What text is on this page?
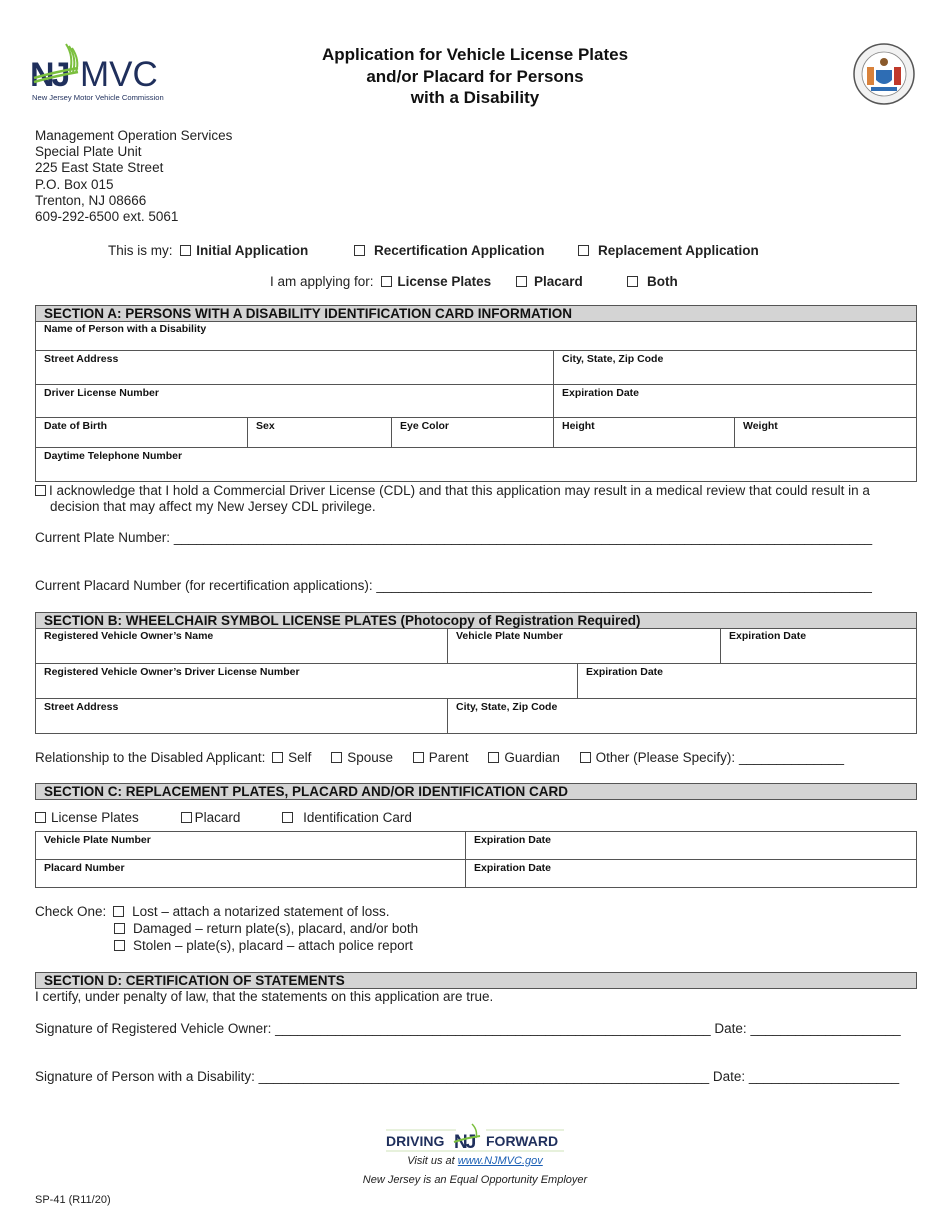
NJ MVC
New Jersey Motor Vehicle Commission
Application for Vehicle License Plates
and/or Placard for Persons
with a Disability
Management Operation Services
Special Plate Unit
225 East State Street
P.O. Box 015
Trenton, NJ 08666
609-292-6500 ext. 5061
This is my: Initial Application	Recertification Application	Replacement Application
I am applying for: License Plates	Placard	Both
SECTION A: PERSONS WITH A DISABILITY IDENTIFICATION CARD INFORMATION
Name of Person with a Disability				
Street Address			City, State, Zip Code	
Driver License Number			Expiration Date	
Date of Birth	Sex	Eye Color	Height	Weight
Daytime Telephone Number				
I acknowledge that I hold a Commercial Driver License (CDL) and that this application may result in a medical review that could result in a
decision that may affect my New Jersey CDL privilege.
Current Plate Number: _____________________________________________________________________________________________
Current Placard Number (for recertification applications): __________________________________________________________________
SECTION B: WHEELCHAIR SYMBOL LICENSE PLATES (Photocopy of Registration Required)
Registered Vehicle Owner’s Name	Vehicle Plate Number		Expiration Date
Registered Vehicle Owner’s Driver License Number		Expiration Date	
Street Address	City, State, Zip Code		
Relationship to the Disabled Applicant: Self	Spouse	Parent	Guardian	Other (Please Specify): ______________
SECTION C: REPLACEMENT PLATES, PLACARD AND/OR IDENTIFICATION CARD
License Plates	Placard	Identification Card
Vehicle Plate Number	Expiration Date
Placard Number	Expiration Date
Check One: Lost – attach a notarized statement of loss.
Damaged – return plate(s), placard, and/or both
Stolen – plate(s), placard – attach police report
SECTION D: CERTIFICATION OF STATEMENTS
I certify, under penalty of law, that the statements on this application are true.
Signature of Registered Vehicle Owner: __________________________________________________________ Date: ____________________
Signature of Person with a Disability: ____________________________________________________________ Date: ____________________
DRIVING NJ FORWARD
Visit us at www.NJMVC.gov
New Jersey is an Equal Opportunity Employer
SP-41 (R11/20)
